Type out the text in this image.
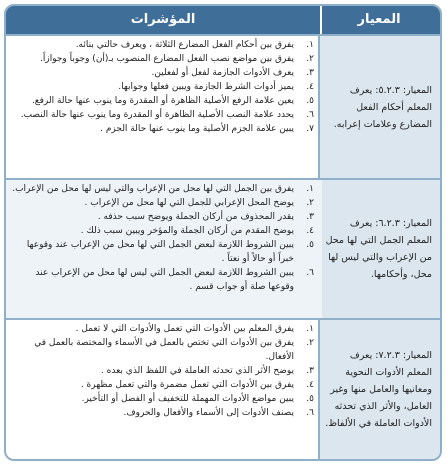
المعيار
المؤشرات
المعيار: ٥.٢.٣: يعرف المعلم أحكام الفعل المضارع وعلامات إعرابه.
١.
يفرق بين أحكام الفعل المضارع الثلاثة ، ويعرف حالتي بنائه.
٢.
يفرق بين مواضع نصب الفعل المضارع المنصوب بـ(أن) وجوباً وجوازاً.
٣.
يعرف الأدوات الجازمة لفعل أو لفعلين.
٤.
يميز أدوات الشرط الجازمة ويبين فعلها وجوابها.
٥.
يعين علامة الرفع الأصلية الظاهرة أو المقدرة وما ينوب عنها حالة الرفع.
٦.
يحدد علامة النصب الأصلية الظاهرة أو المقدرة وما ينوب عنها حالة النصب.
٧.
يبين علامة الجزم الأصلية وما ينوب عنها حالة الجزم .
المعيار: ٦.٢.٣: يعرف المعلم الجمل التي لها محل من الإعراب والتي ليس لها محل، وأحكامها.
١.
يفرق بين الجمل التي لها محل من الإعراب والتي ليس لها محل من الإعراب.
٢.
يوضح المحل الإعرابي للجمل التي لها محل من الإعراب .
٣.
يقدر المحذوف من أركان الجملة ويوضح سبب حذفه .
٤.
يوضح المقدم من أركان الجملة والمؤخر ويبين سبب ذلك .
٥.
يبين الشروط اللازمة لبعض الجمل التي لها محل من الإعراب عند وقوعها خبراً أو حالاً أو نعتاً .
٦.
يبين الشروط اللازمة لبعض الجمل التي ليس لها محل من الإعراب عند وقوعها صلة أو جواب قسم .
المعيار: ٧.٢.٣: يعرف المعلم الأدوات النحوية ومعانيها والعامل منها وغير العامل، والأثر الذي تحدثه الأدوات العاملة في الألفاظ.
١.
يفرق المعلم بين الأدوات التي تعمل والأدوات التي لا تعمل .
٢.
يفرق بين الأدوات التي تختص بالعمل في الأسماء والمختصة بالعمل في الأفعال.
٣.
يوضح الأثر الذي تحدثه العاملة في اللفظ الذي بعده .
٤.
يفرق بين الأدوات التي تعمل مضمرة والتي تعمل مظهرة .
٥.
يبين مواضع الأدوات المهملة للتخفيف أو الفصل أو التأخير.
٦.
يصنف الأدوات إلى الأسماء والأفعال والحروف.
